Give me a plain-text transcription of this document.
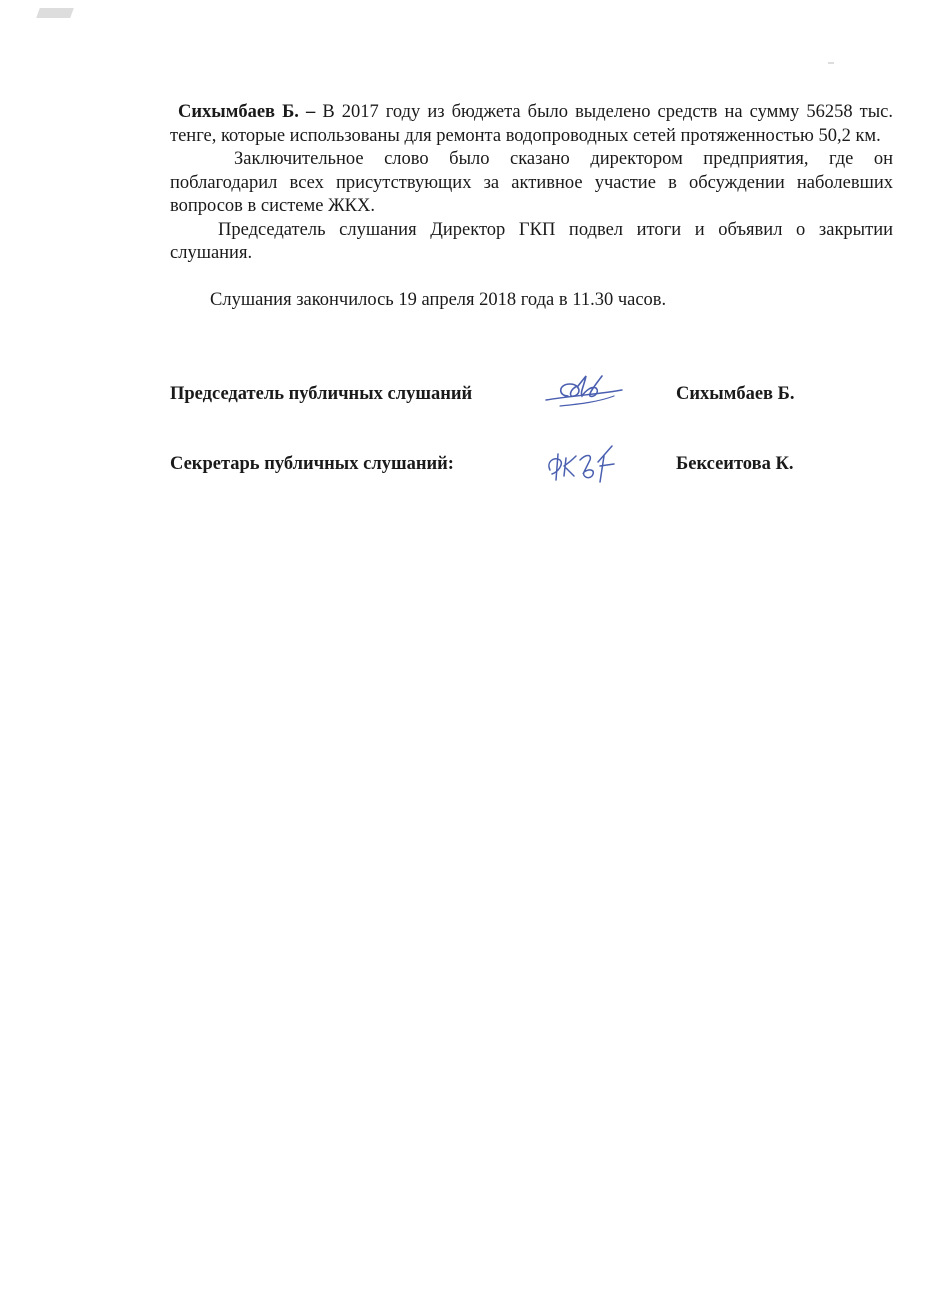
Сихымбаев Б. – В 2017 году из бюджета было выделено средств на сумму 56258 тыс. тенге, которые использованы для ремонта водопроводных сетей протяженностью 50,2 км.

Заключительное слово было сказано директором предприятия, где он поблагодарил всех присутствующих за активное участие в обсуждении наболевших вопросов в системе ЖКХ.

Председатель слушания Директор ГКП подвел итоги и объявил о закрытии слушания.

Слушания закончилось 19 апреля 2018 года в 11.30 часов.

Председатель публичных слушаний	Сихымбаев Б.
Секретарь публичных слушаний:	Бексеитова К.
